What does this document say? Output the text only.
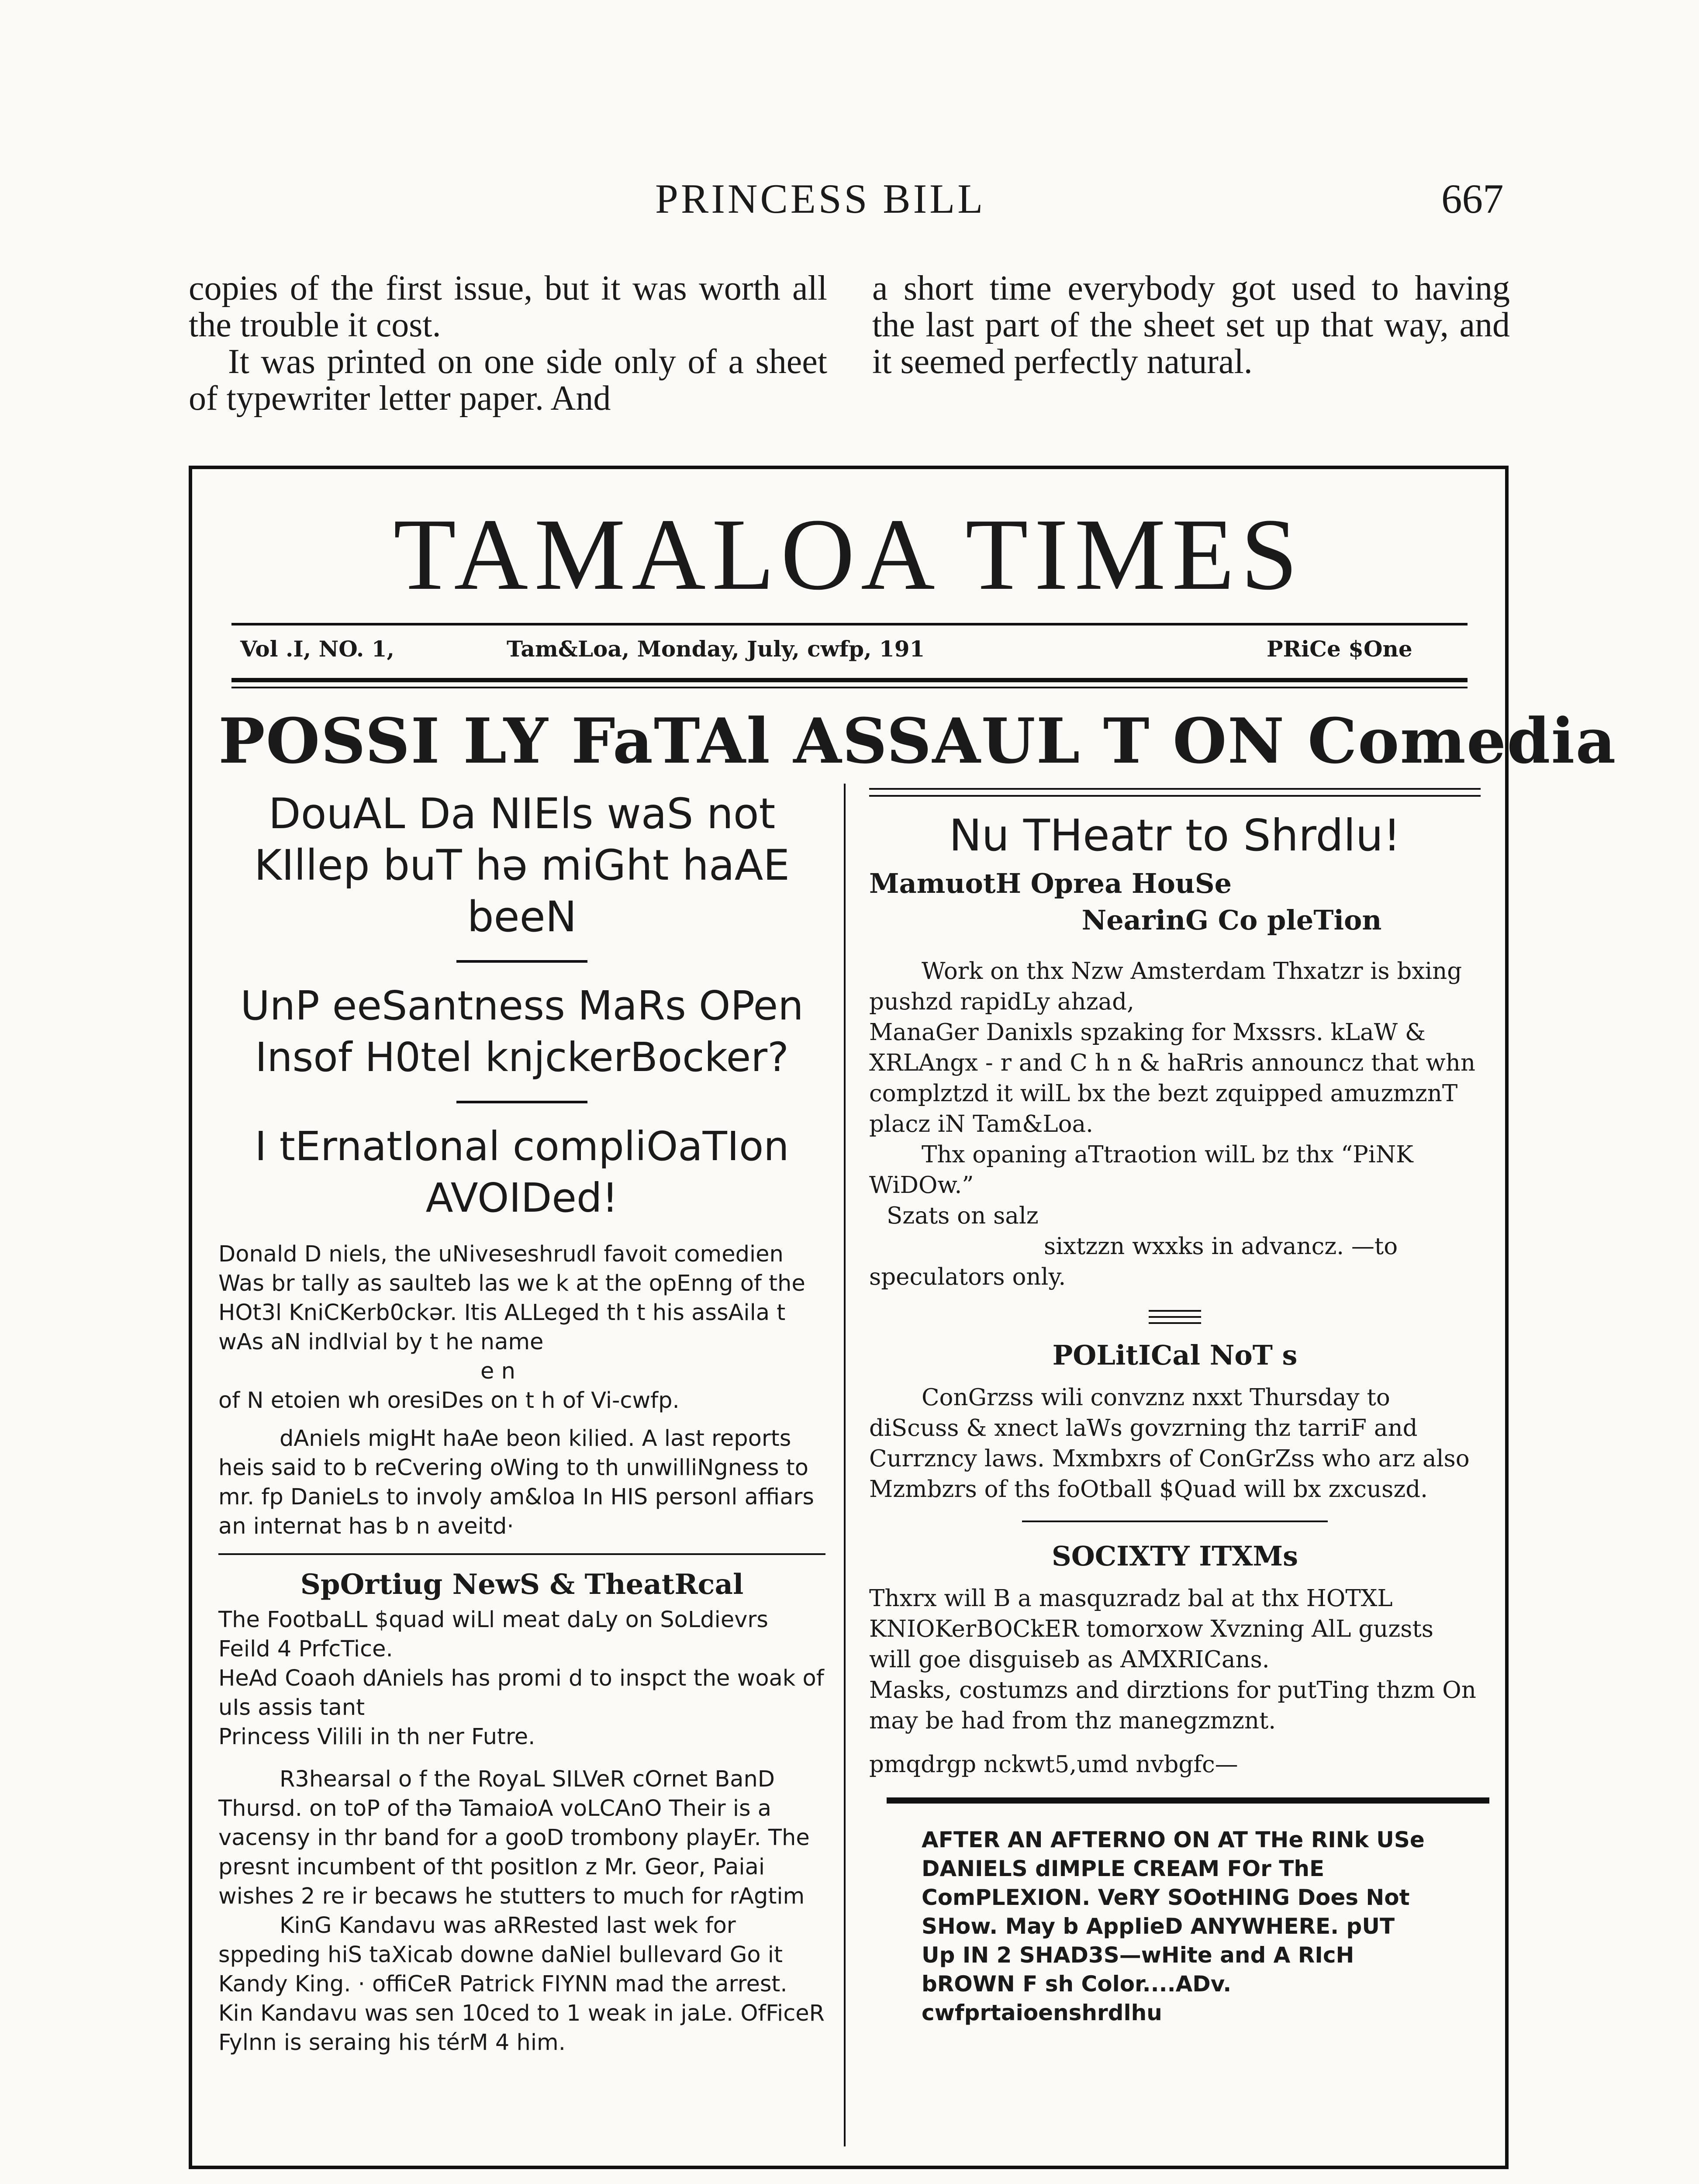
PRINCESS BILL	667

copies of the first issue, but it was worth all the trouble it cost.

It was printed on one side only of a sheet of typewriter letter paper. And

a short time everybody got used to having the last part of the sheet set up that way, and it seemed perfectly natural.

TAMALOA TIMES
Vol .I, NO. 1,	Tam&Loa, Monday, July, cwfp, 191	PRiCe $One
POSSI LY FaTAl ASSAUL T ON Comedia

DouAL Da NIEls waS not KIllep buT hə miGht haAE beeN

UnP eeSantness MaRs OPen Insof H0tel knjckerBocker?

I tErnatIonal compliOaTIon AVOIDed!

Donald D niels, the uNiveseshrudl favoit comedien Was br tally as saulteb las we k at the opEnng of the HOt3l KniCKerb0ckər. Itis ALLeged th t his assAila t wAs aN indIvial by t he name

e n

of N etoien wh oresiDes on t h of Vi-cwfp.

dAniels migHt haAe beon kilied. A last reports heis said to b reCvering oWing to th unwilliNgness to mr. fp DanieLs to involy am&loa In HIS personl affiars an internat has b n aveitd·

SpOrtiug NewS & TheatRcal

The FootbaLL $quad wiLl meat daLy on SoLdievrs Feild 4 PrfcTice.

HeAd Coaoh dAniels has promi d to inspct the woak of uIs assis tant

Princess Vilili in th ner Futre.

R3hearsal o f the RoyaL SILVeR cOrnet BanD Thursd. on toP of thə TamaioA voLCAnO Their is a vacensy in thr band for a gooD trombony playEr. The presnt incumbent of tht positIon z Mr. Geor, Paiai wishes 2 re ir becaws he stutters to much for rAgtim

KinG Kandavu was aRRested last wek for sppeding hiS taXicab downe daNiel bullevard Go it Kandy King. · offiCeR Patrick FIYNN mad the arrest. Kin Kandavu was sen 10ced to 1 weak in jaLe. OfFiceR Fylnn is seraing his térM 4 him.

Nu THeatr to Shrdlu!

MamuotH Oprea HouSe

NearinG Co pleTion

Work on thx Nzw Amsterdam Thxatzr is bxing pushzd rapidLy ahzad,

ManaGer Danixls spzaking for Mxssrs. kLaW & XRLAngx - r and C h n & haRris announcz that whn complztzd it wilL bx the bezt zquipped amuzmznT placz iN Tam&Loa.

Thx opaning aTtraotion wilL bz thx “PiNK WiDOw.”

Szats on salz

sixtzzn wxxks in advancz. —to speculators only.

POLitICal NoT s

ConGrzss wili convznz nxxt Thursday to diScuss & xnect laWs govzrning thz tarriF and Currzncy laws. Mxmbxrs of ConGrZss who arz also Mzmbzrs of ths foOtball $Quad will bx zxcuszd.

SOCIXTY ITXMs

Thxrx will B a masquzradz bal at thx HOTXL KNIOKerBOCkER tomorxow Xvzning AlL guzsts will goe disguiseb as AMXRICans.

Masks, costumzs and dirztions for putTing thzm On may be had from thz manegzmznt.

pmqdrgp nckwt5,umd nvbgfc—

AFTER AN AFTERNO ON AT THe RINk USe DANIELS dIMPLE CREAM FOr ThE ComPLEXION. VeRY SOotHING Does Not SHow. May b AppIieD ANYWHERE. pUT Up IN 2 SHAD3S—wHite and A RIcH bROWN F sh Color....ADv.

cwfprtaioenshrdlhu
